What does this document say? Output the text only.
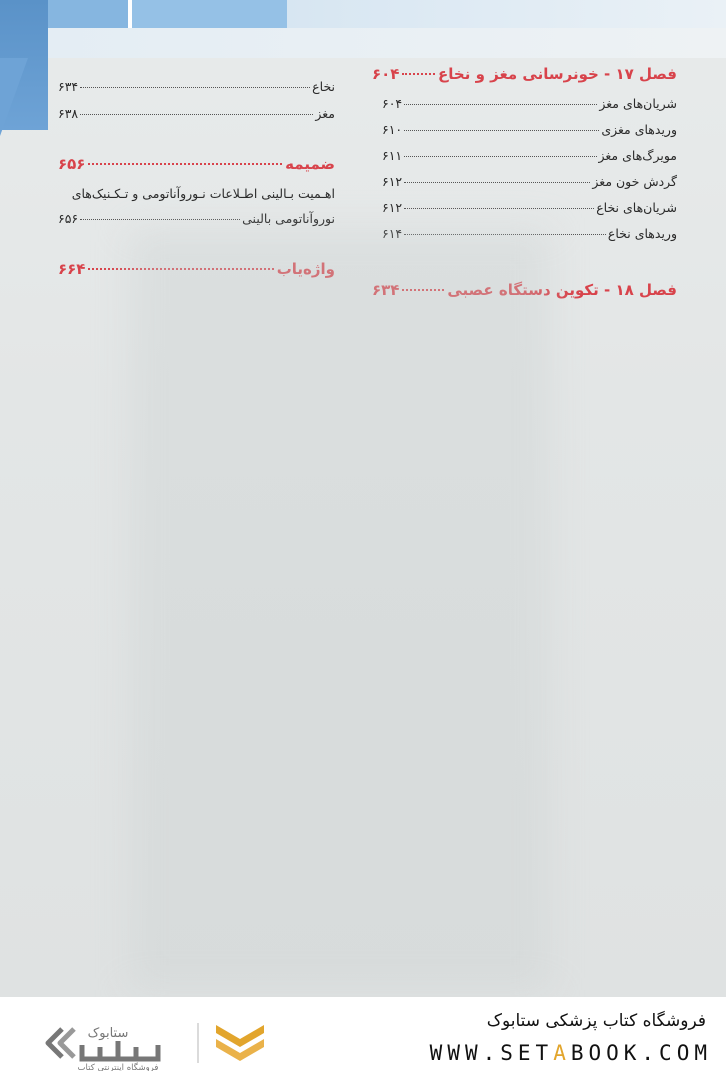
فصل ۱۷ - خونرسانی مغز و نخاع
۶۰۴
شریان‌های مغز
۶۰۴
وریدهای مغزی
۶۱۰
مویرگ‌های مغز
۶۱۱
گردش خون مغز
۶۱۲
شریان‌های نخاع
۶۱۲
وریدهای نخاع
۶۱۴
فصل ۱۸ - تکوین دستگاه عصبی
۶۳۴
نخاع
۶۳۴
مغز
۶۳۸
ضمیمه
۶۵۶
اهـمیت بـالینی اطـلاعات نـوروآناتومی و تـکـنیک‌های
نوروآناتومی بالینی
۶۵۶
واژه‌یاب
۶۶۴
ستابوک
فروشگاه اینترنتی کتاب
فروشگاه کتاب پزشکی ستابوک
WWW.SETABOOK.COM
